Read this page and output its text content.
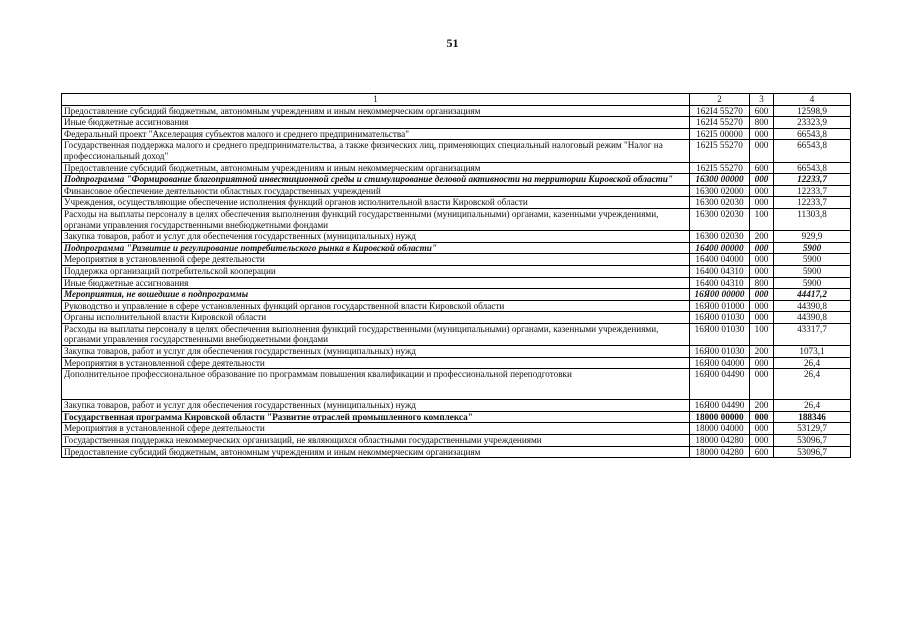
51
1	2	3	4
Предоставление субсидий бюджетным, автономным учреждениям и иным некоммерческим организациям	162I4 55270	600	12598,9
Иные бюджетные ассигнования	162I4 55270	800	23323,9
Федеральный проект "Акселерация субъектов малого и среднего предпринимательства"	162I5 00000	000	66543,8
Государственная поддержка малого и среднего предпринимательства, а также физических лиц, применяющих специальный налоговый режим "Налог на профессиональный доход"	162I5 55270	000	66543,8
Предоставление субсидий бюджетным, автономным учреждениям и иным некоммерческим организациям	162I5 55270	600	66543,8
Подпрограмма "Формирование благоприятной инвестиционной среды и стимулирование деловой активности на территории Кировской области"	16300 00000	000	12233,7
Финансовое обеспечение деятельности областных государственных учреждений	16300 02000	000	12233,7
Учреждения, осуществляющие обеспечение исполнения функций органов исполнительной власти Кировской области	16300 02030	000	12233,7
Расходы на выплаты персоналу в целях обеспечения выполнения функций государственными (муниципальными) органами, казенными учреждениями, органами управления государственными внебюджетными фондами	16300 02030	100	11303,8
Закупка товаров, работ и услуг для обеспечения государственных (муниципальных) нужд	16300 02030	200	929,9
Подпрограмма "Развитие и регулирование потребительского рынка в Кировской области"	16400 00000	000	5900
Мероприятия в установленной сфере деятельности	16400 04000	000	5900
Поддержка организаций потребительской кооперации	16400 04310	000	5900
Иные бюджетные ассигнования	16400 04310	800	5900
Мероприятия, не вошедшие в подпрограммы	16Я00 00000	000	44417,2
Руководство и управление в сфере установленных функций органов государственной власти Кировской области	16Я00 01000	000	44390,8
Органы исполнительной власти Кировской области	16Я00 01030	000	44390,8
Расходы на выплаты персоналу в целях обеспечения выполнения функций государственными (муниципальными) органами, казенными учреждениями, органами управления государственными внебюджетными фондами	16Я00 01030	100	43317,7
Закупка товаров, работ и услуг для обеспечения государственных (муниципальных) нужд	16Я00 01030	200	1073,1
Мероприятия в установленной сфере деятельности	16Я00 04000	000	26,4
Дополнительное профессиональное образование по программам повышения квалификации и профессиональной переподготовки	16Я00 04490	000	26,4
Закупка товаров, работ и услуг для обеспечения государственных (муниципальных) нужд	16Я00 04490	200	26,4
Государственная программа Кировской области "Развитие отраслей промышленного комплекса"	18000 00000	000	188346
Мероприятия в установленной сфере деятельности	18000 04000	000	53129,7
Государственная поддержка некоммерческих организаций, не являющихся областными государственными учреждениями	18000 04280	000	53096,7
Предоставление субсидий бюджетным, автономным учреждениям и иным некоммерческим организациям	18000 04280	600	53096,7
